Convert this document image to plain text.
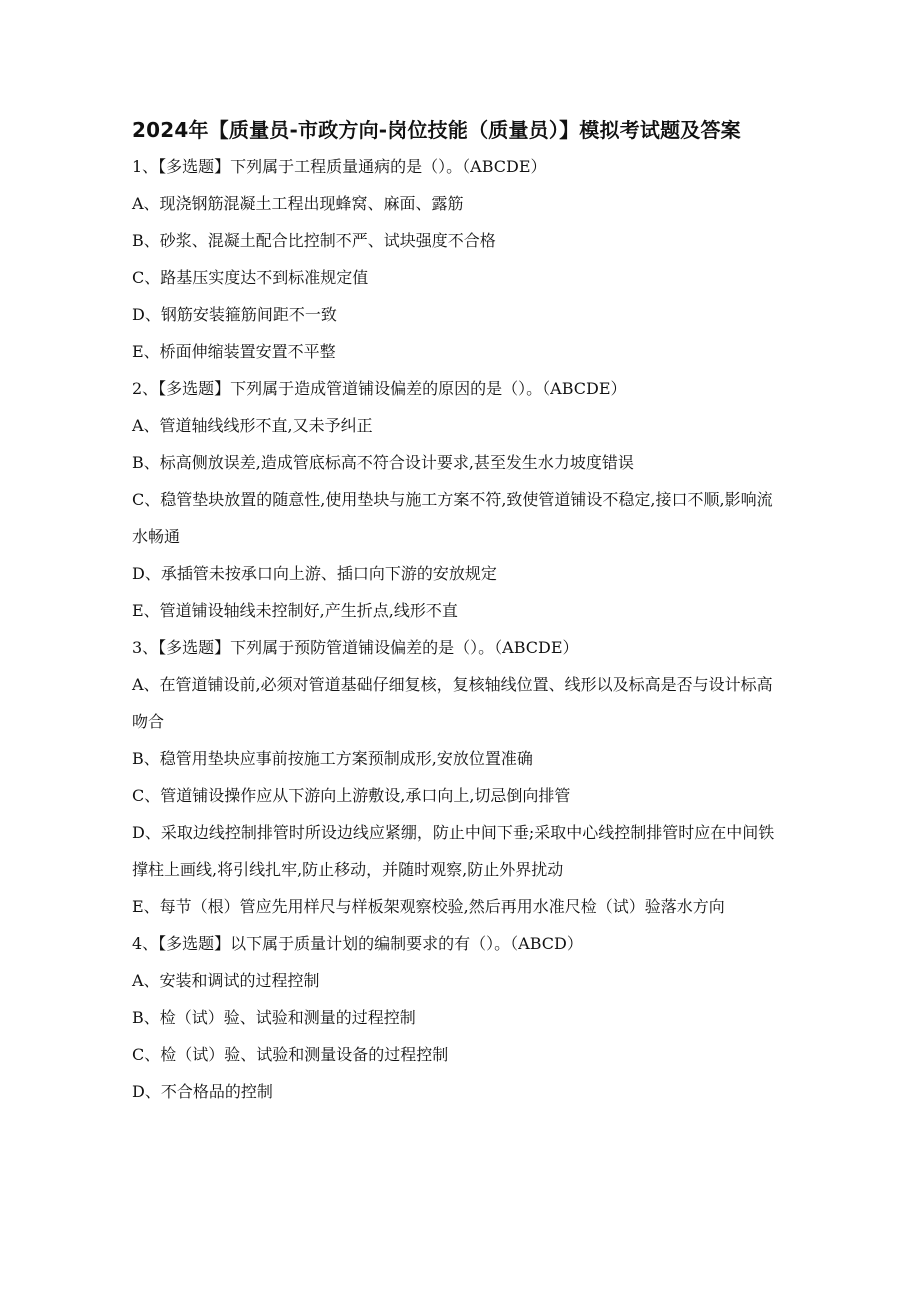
2024年【质量员-市政方向-岗位技能（质量员）】模拟考试题及答案

1、【多选题】下列属于工程质量通病的是（）。（ABCDE）

A、现浇钢筋混凝土工程出现蜂窝、麻面、露筋

B、砂浆、混凝土配合比控制不严、试块强度不合格

C、路基压实度达不到标准规定值

D、钢筋安装箍筋间距不一致

E、桥面伸缩装置安置不平整

2、【多选题】下列属于造成管道铺设偏差的原因的是（）。（ABCDE）

A、管道轴线线形不直,又未予纠正

B、标高侧放误差,造成管底标高不符合设计要求,甚至发生水力坡度错误

C、稳管垫块放置的随意性,使用垫块与施工方案不符,致使管道铺设不稳定,接口不顺,影响流水畅通

D、承插管未按承口向上游、插口向下游的安放规定

E、管道铺设轴线未控制好,产生折点,线形不直

3、【多选题】下列属于预防管道铺设偏差的是（）。（ABCDE）

A、在管道铺设前,必须对管道基础仔细复核，复核轴线位置、线形以及标高是否与设计标高吻合

B、稳管用垫块应事前按施工方案预制成形,安放位置准确

C、管道铺设操作应从下游向上游敷设,承口向上,切忌倒向排管

D、采取边线控制排管时所设边线应紧绷，防止中间下垂;采取中心线控制排管时应在中间铁撑柱上画线,将引线扎牢,防止移动，并随时观察,防止外界扰动

E、每节（根）管应先用样尺与样板架观察校验,然后再用水准尺检（试）验落水方向

4、【多选题】以下属于质量计划的编制要求的有（）。（ABCD）

A、安装和调试的过程控制

B、检（试）验、试验和测量的过程控制

C、检（试）验、试验和测量设备的过程控制

D、不合格品的控制
